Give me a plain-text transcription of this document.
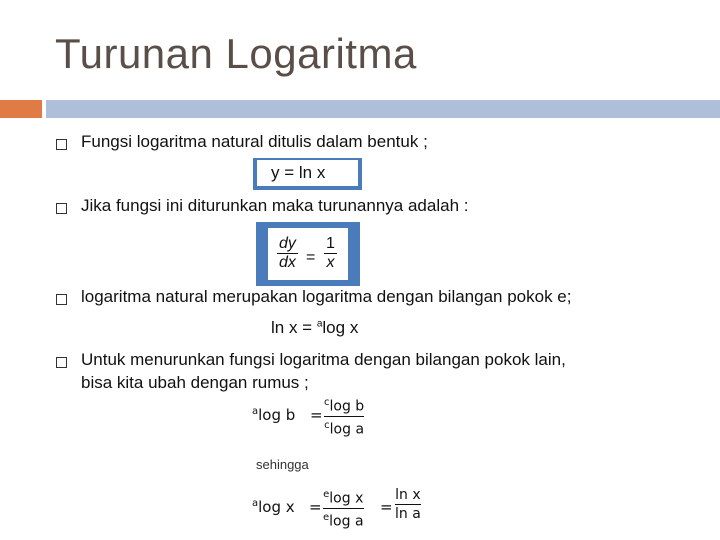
Turunan Logaritma
Fungsi logaritma natural ditulis dalam bentuk ;
y = ln x
Jika fungsi ini diturunkan maka turunannya adalah :
dy
dx =
1
x
logaritma natural merupakan logaritma dengan bilangan pokok e;
ln x = $^a$log x
Untuk menurunkan fungsi logaritma dengan bilangan pokok lain,
bisa kita ubah dengan rumus ;
$^a$log b =
$^c$log b
$^c$log a
sehingga
$^a$log x =
$^e$log x
$^e$log a
=
ln x
ln a
